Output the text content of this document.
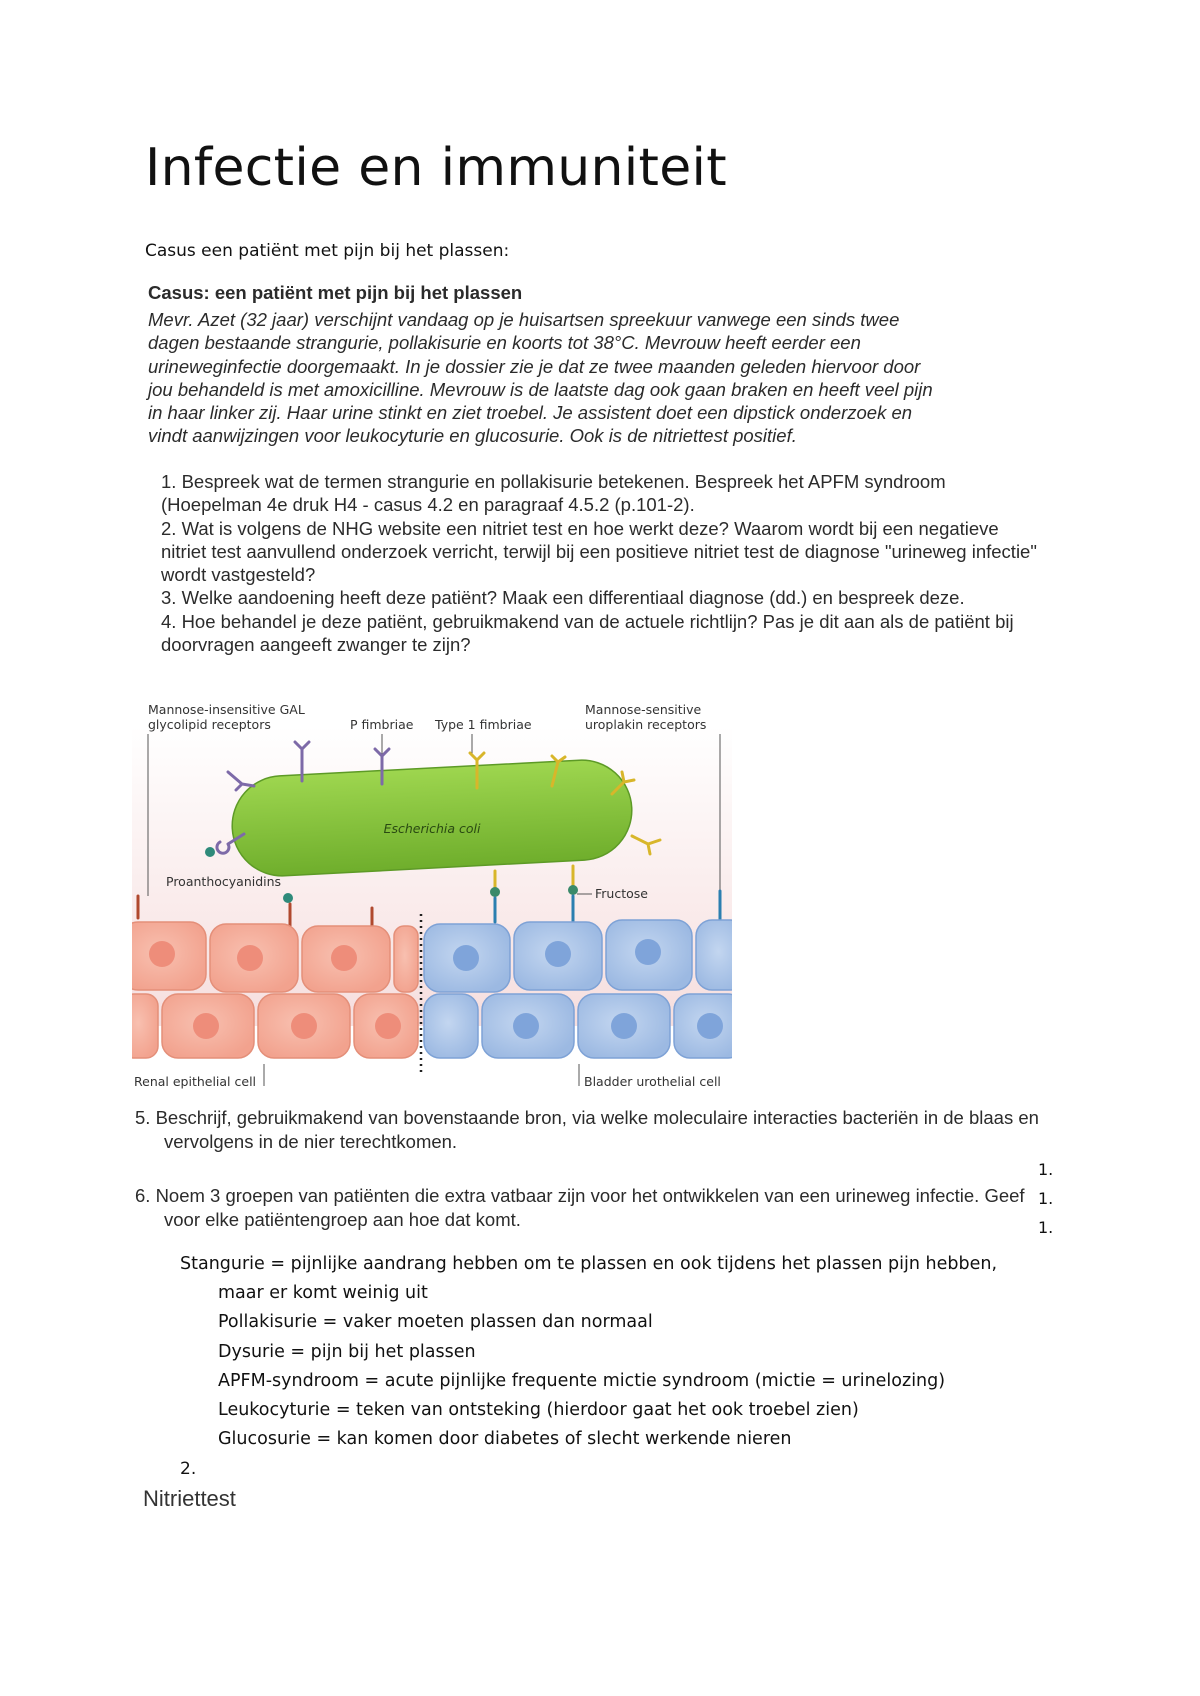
Infectie en immuniteit
Casus een patiënt met pijn bij het plassen:
Casus: een patiënt met pijn bij het plassen
Mevr. Azet (32 jaar) verschijnt vandaag op je huisartsen spreekuur vanwege een sinds twee
dagen bestaande strangurie, pollakisurie en koorts tot 38°C. Mevrouw heeft eerder een
urineweginfectie doorgemaakt. In je dossier zie je dat ze twee maanden geleden hiervoor door
jou behandeld is met amoxicilline. Mevrouw is de laatste dag ook gaan braken en heeft veel pijn
in haar linker zij. Haar urine stinkt en ziet troebel. Je assistent doet een dipstick onderzoek en
vindt aanwijzingen voor leukocyturie en glucosurie. Ook is de nitriettest positief.

1. Bespreek wat de termen strangurie en pollakisurie betekenen. Bespreek het APFM syndroom (Hoepelman 4e druk H4 - casus 4.2 en paragraaf 4.5.2 (p.101-2).

2. Wat is volgens de NHG website een nitriet test en hoe werkt deze? Waarom wordt bij een negatieve nitriet test aanvullend onderzoek verricht, terwijl bij een positieve nitriet test de diagnose "urineweg infectie" wordt vastgesteld?

3. Welke aandoening heeft deze patiënt? Maak een differentiaal diagnose (dd.) en bespreek deze.

4. Hoe behandel je deze patiënt, gebruikmakend van de actuele richtlijn? Pas je dit aan als de patiënt bij doorvragen aangeeft zwanger te zijn?

Mannose-insensitive GAL
glycolipid receptors	P fimbriae Type 1 fimbriae
Mannose-sensitive
uroplakin receptors
Escherichia coli
Proanthocyanidins
Fructose
Renal epithelial cell	Bladder urothelial cell
5. Beschrijf, gebruikmakend van bovenstaande bron, via welke moleculaire interacties bacteriën in de blaas en vervolgens in de nier terechtkomen.
6. Noem 3 groepen van patiënten die extra vatbaar zijn voor het ontwikkelen van een urineweg infectie. Geef voor elke patiëntengroep aan hoe dat komt.
1.
1.
1.
Stangurie = pijnlijke aandrang hebben om te plassen en ook tijdens het plassen pijn hebben,
maar er komt weinig uit
Pollakisurie = vaker moeten plassen dan normaal
Dysurie = pijn bij het plassen
APFM-syndroom = acute pijnlijke frequente mictie syndroom (mictie = urinelozing)
Leukocyturie = teken van ontsteking (hierdoor gaat het ook troebel zien)
Glucosurie = kan komen door diabetes of slecht werkende nieren
2.
Nitriettest
